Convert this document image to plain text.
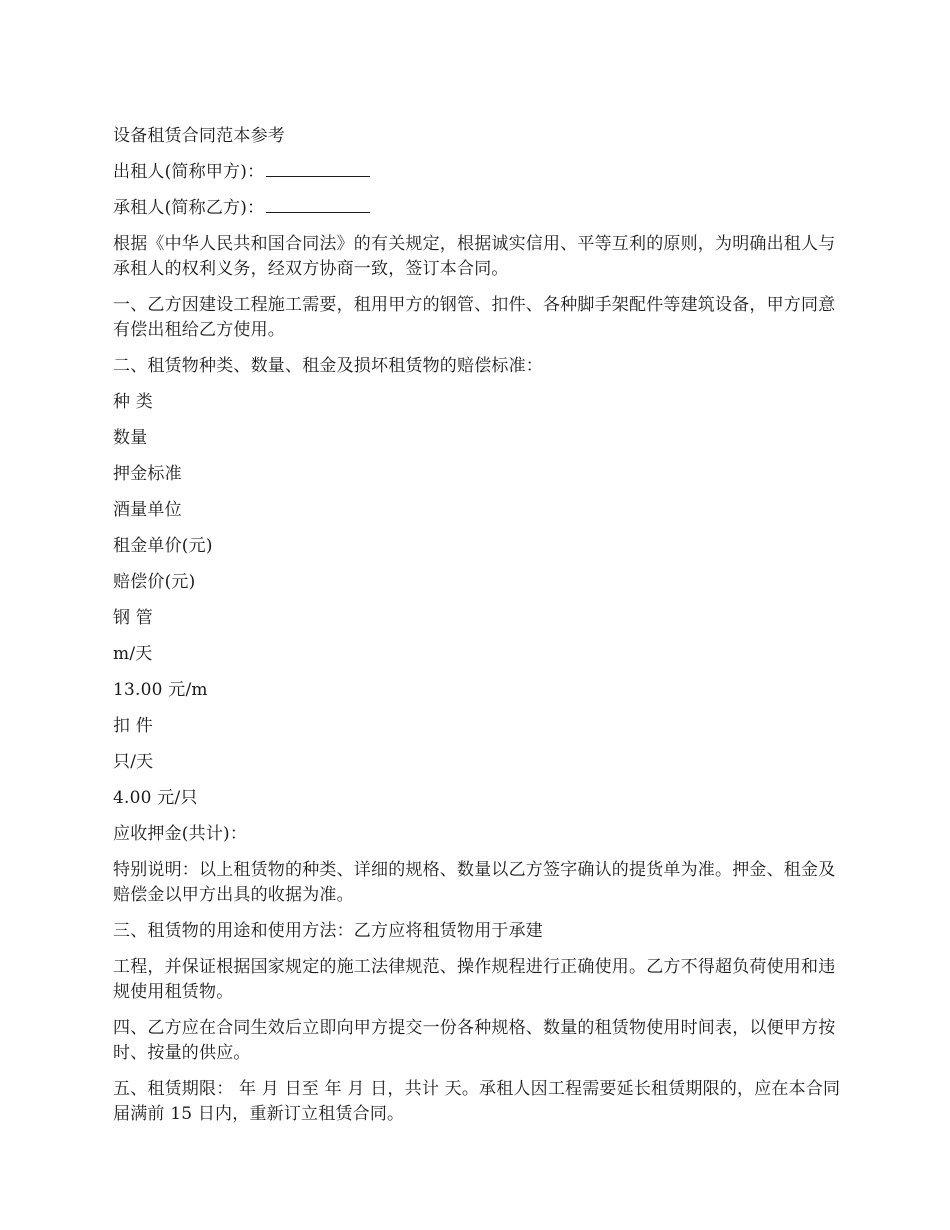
设备租赁合同范本参考

出租人(简称甲方)：

承租人(简称乙方)：

根据《中华人民共和国合同法》的有关规定，根据诚实信用、平等互利的原则，为明确出租人与承租人的权利义务，经双方协商一致，签订本合同。

一、乙方因建设工程施工需要，租用甲方的钢管、扣件、各种脚手架配件等建筑设备，甲方同意有偿出租给乙方使用。

二、租赁物种类、数量、租金及损坏租赁物的赔偿标准：

种 类

数量

押金标准

酒量单位

租金单价(元)

赔偿价(元)

钢 管

m/天

13.00 元/m

扣 件

只/天

4.00 元/只

应收押金(共计)：

特别说明：以上租赁物的种类、详细的规格、数量以乙方签字确认的提货单为准。押金、租金及赔偿金以甲方出具的收据为准。

三、租赁物的用途和使用方法：乙方应将租赁物用于承建

工程，并保证根据国家规定的施工法律规范、操作规程进行正确使用。乙方不得超负荷使用和违规使用租赁物。

四、乙方应在合同生效后立即向甲方提交一份各种规格、数量的租赁物使用时间表，以便甲方按时、按量的供应。

五、租赁期限： 年 月 日至 年 月 日，共计 天。承租人因工程需要延长租赁期限的，应在本合同届满前 15 日内，重新订立租赁合同。
